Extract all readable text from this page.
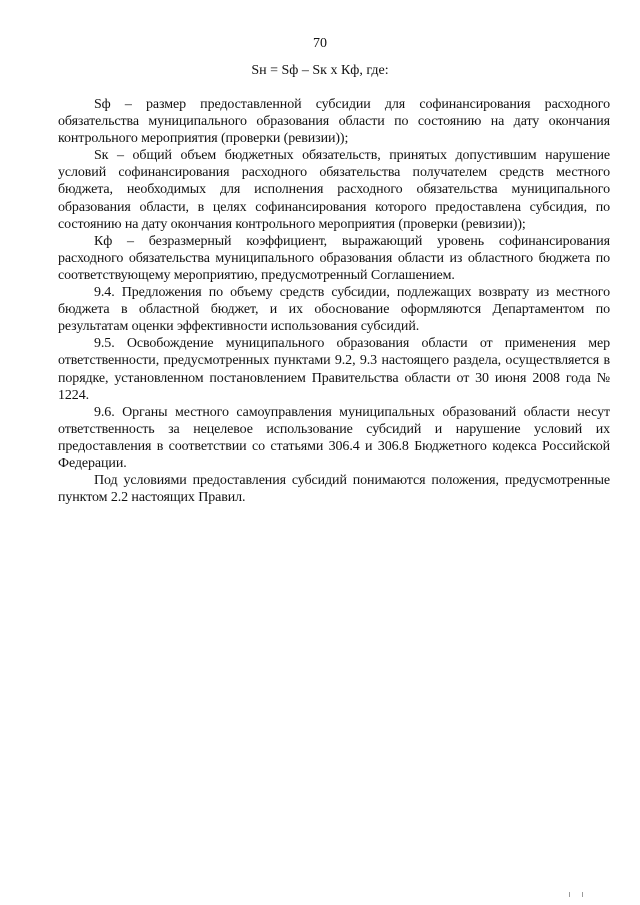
70
Sн = Sф – Sк х Кф, где:

Sф – размер предоставленной субсидии для софинансирования расходного обязательства муниципального образования области по состоянию на дату окончания контрольного мероприятия (проверки (ревизии));

Sк – общий объем бюджетных обязательств, принятых допустившим нарушение условий софинансирования расходного обязательства получателем средств местного бюджета, необходимых для исполнения расходного обязательства муниципального образования области, в целях софинансирования которого предоставлена субсидия, по состоянию на дату окончания контрольного мероприятия (проверки (ревизии));

Кф – безразмерный коэффициент, выражающий уровень софинансирования расходного обязательства муниципального образования области из областного бюджета по соответствующему мероприятию, предусмотренный Соглашением.

9.4. Предложения по объему средств субсидии, подлежащих возврату из местного бюджета в областной бюджет, и их обоснование оформляются Департаментом по результатам оценки эффективности использования субсидий.

9.5. Освобождение муниципального образования области от применения мер ответственности, предусмотренных пунктами 9.2, 9.3 настоящего раздела, осуществляется в порядке, установленном постановлением Правительства области от 30 июня 2008 года № 1224.

9.6. Органы местного самоуправления муниципальных образований области несут ответственность за нецелевое использование субсидий и нарушение условий их предоставления в соответствии со статьями 306.4 и 306.8 Бюджетного кодекса Российской Федерации.

Под условиями предоставления субсидий понимаются положения, предусмотренные пунктом 2.2 настоящих Правил.
